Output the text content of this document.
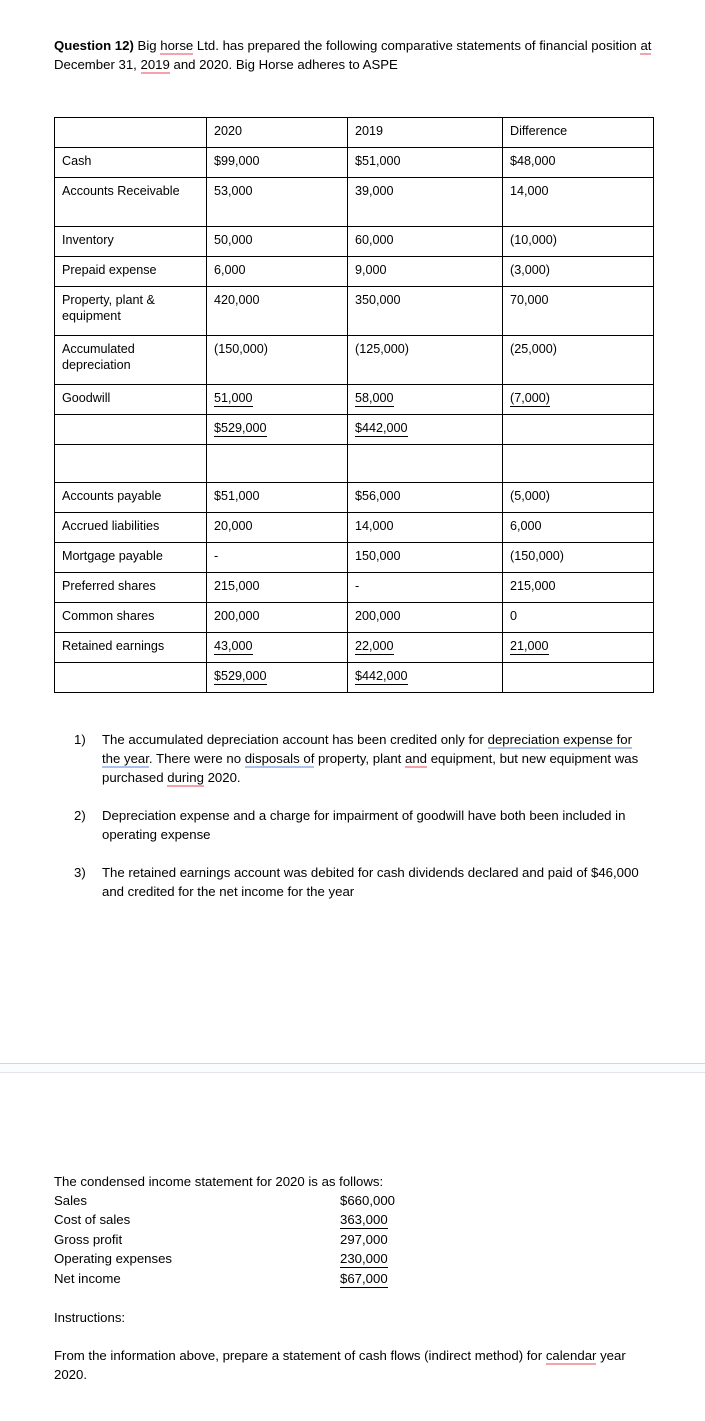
Question 12) Big horse Ltd. has prepared the following comparative statements of financial position at December 31, 2019 and 2020. Big Horse adheres to ASPE
	2020	2019	Difference
Cash	$99,000	$51,000	$48,000
Accounts Receivable	53,000	39,000	14,000
Inventory	50,000	60,000	(10,000)
Prepaid expense	6,000	9,000	(3,000)
Property, plant & equipment	420,000	350,000	70,000
Accumulated depreciation	(150,000)	(125,000)	(25,000)
Goodwill	51,000	58,000	(7,000)
	$529,000	$442,000	

Accounts payable	$51,000	$56,000	(5,000)
Accrued liabilities	20,000	14,000	6,000
Mortgage payable	-	150,000	(150,000)
Preferred shares	215,000	-	215,000
Common shares	200,000	200,000	0
Retained earnings	43,000	22,000	21,000
	$529,000	$442,000	
1)	The accumulated depreciation account has been credited only for depreciation expense for the year. There were no disposals of property, plant and equipment, but new equipment was purchased during 2020.
2)	Depreciation expense and a charge for impairment of goodwill have both been included in operating expense
3)	The retained earnings account was debited for cash dividends declared and paid of $46,000 and credited for the net income for the year
The condensed income statement for 2020 is as follows:
Sales	$660,000
Cost of sales	363,000
Gross profit	297,000
Operating expenses	230,000
Net income	$67,000
Instructions:
From the information above, prepare a statement of cash flows (indirect method) for calendar year 2020.
